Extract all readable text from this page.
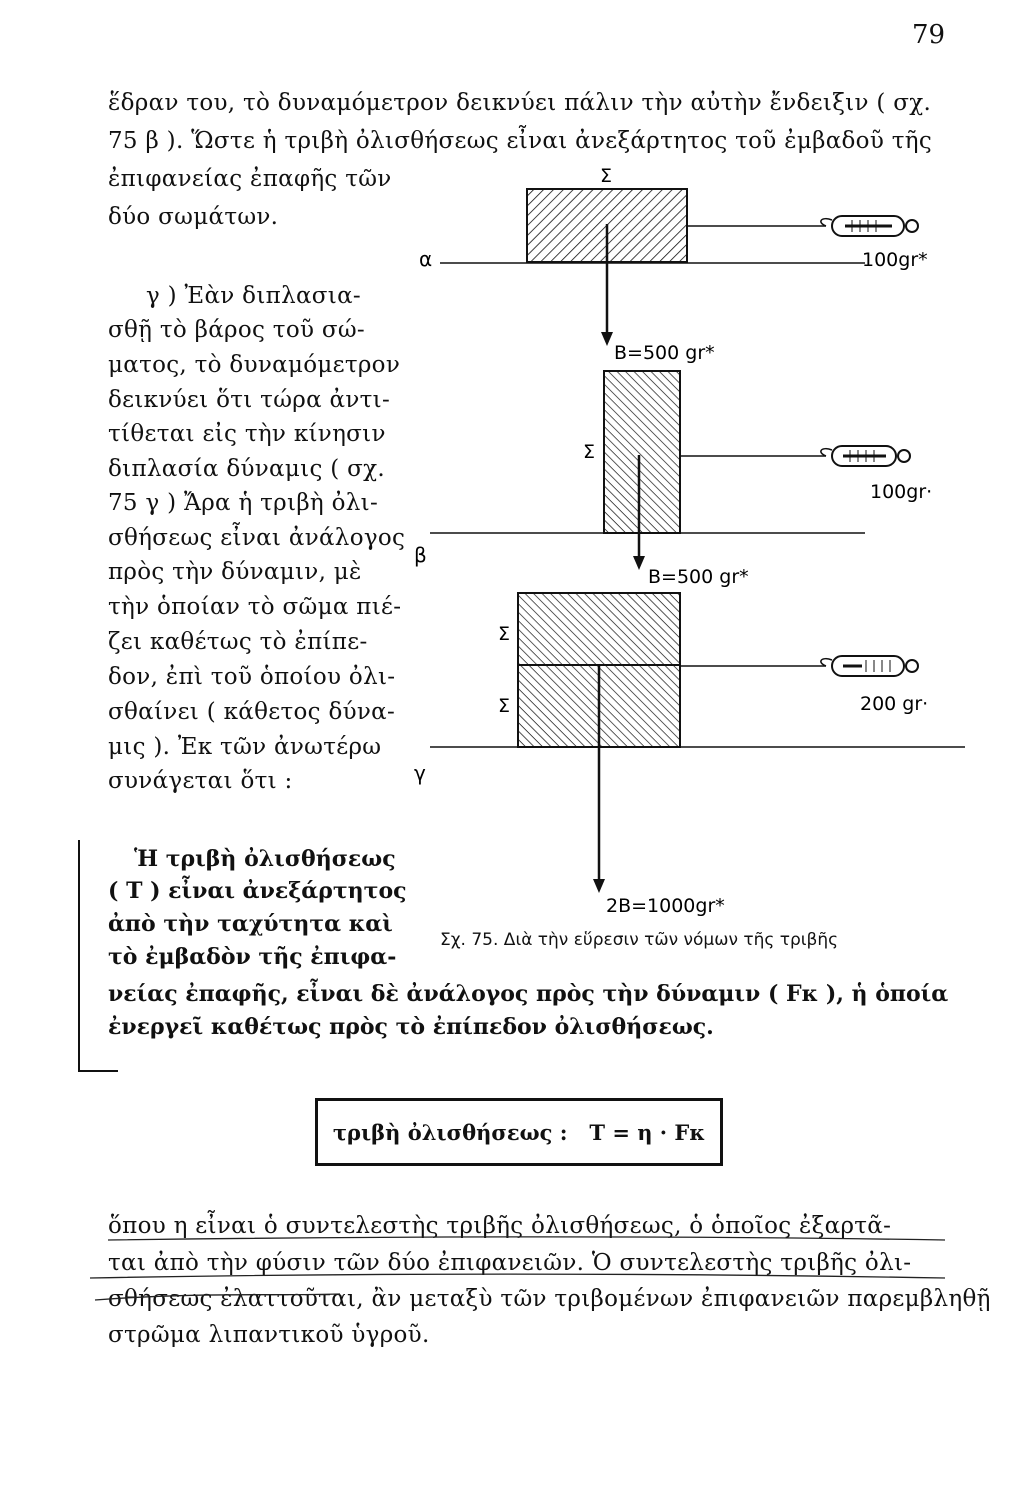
79
ἕδραν του, τὸ δυναμόμετρον δεικνύει πάλιν τὴν αὐτὴν ἔνδειξιν ( σχ.
75 β ). Ὥστε ἡ τριβὴ ὀλισθήσεως εἶναι ἀνεξάρτητος τοῦ ἐμβαδοῦ τῆς
ἐπιφανείας ἐπαφῆς τῶν
δύο σωμάτων.
γ ) Ἐὰν διπλασια-
σθῇ τὸ βάρος τοῦ σώ-
ματος, τὸ δυναμόμετρον
δεικνύει ὅτι τώρα ἀντι-
τίθεται εἰς τὴν κίνησιν
διπλασία δύναμις ( σχ.
75 γ ) Ἄρα ἡ τριβὴ ὀλι-
σθήσεως εἶναι ἀνάλογος
πρὸς τὴν δύναμιν, μὲ
τὴν ὁποίαν τὸ σῶμα πιέ-
ζει καθέτως τὸ ἐπίπε-
δον, ἐπὶ τοῦ ὁποίου ὀλι-
σθαίνει ( κάθετος δύνα-
μις ). Ἐκ τῶν ἀνωτέρω
συνάγεται ὅτι :
α
Σ
100gr*
B=500 gr*
Σ
β
100gr·
B=500 gr*
Σ
Σ
γ
200 gr·
2B=1000gr*
Σχ. 75. Διὰ τὴν εὕρεσιν τῶν νόμων τῆς τριβῆς
Ἡ τριβὴ ὀλισθήσεως
( Τ ) εἶναι ἀνεξάρτητος
ἀπὸ τὴν ταχύτητα καὶ
τὸ ἐμβαδὸν τῆς ἐπιφα-
νείας ἐπαφῆς, εἶναι δὲ ἀνάλογος πρὸς τὴν δύναμιν ( Fκ ), ἡ ὁποία
ἐνεργεῖ καθέτως πρὸς τὸ ἐπίπεδον ὀλισθήσεως.
τριβὴ ὀλισθήσεως :   T = η · Fκ
ὅπου η εἶναι ὁ συντελεστὴς τριβῆς ὀλισθήσεως, ὁ ὁποῖος ἐξαρτᾶ-
ται ἀπὸ τὴν φύσιν τῶν δύο ἐπιφανειῶν. Ὁ συντελεστὴς τριβῆς ὀλι-
σθήσεως ἐλαττοῦται, ἂν μεταξὺ τῶν τριβομένων ἐπιφανειῶν παρεμβληθῇ
στρῶμα λιπαντικοῦ ὑγροῦ.
